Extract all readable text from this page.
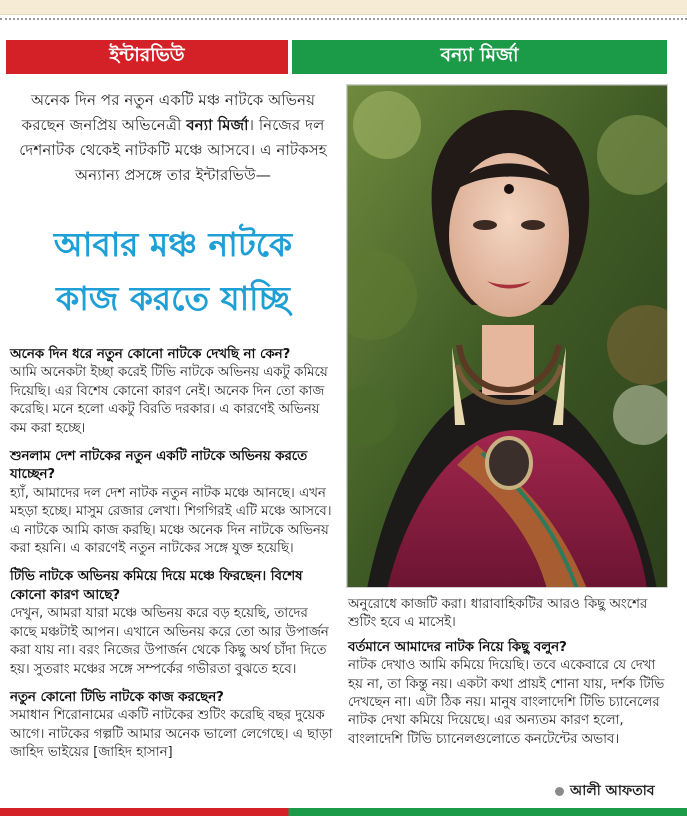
ইন্টারভিউ	বন্যা মির্জা
অনেক দিন পর নতুন একটি মঞ্চ নাটকে অভিনয় করছেন জনপ্রিয় অভিনেত্রী বন্যা মির্জা। নিজের দল দেশনাটক থেকেই নাটকটি মঞ্চে আসবে। এ নাটকসহ অন্যান্য প্রসঙ্গে তার ইন্টারভিউ—
আবার মঞ্চ নাটকে
কাজ করতে যাচ্ছি

অনেক দিন ধরে নতুন কোনো নাটকে দেখছি না কেন?

আমি অনেকটা ইচ্ছা করেই টিভি নাটকে অভিনয় একটু কমিয়ে দিয়েছি। এর বিশেষ কোনো কারণ নেই। অনেক দিন তো কাজ করেছি। মনে হলো একটু বিরতি দরকার। এ কারণেই অভিনয় কম করা হচ্ছে।

শুনলাম দেশ নাটকের নতুন একটি নাটকে অভিনয় করতে যাচ্ছেন?

হ্যাঁ, আমাদের দল দেশ নাটক নতুন নাটক মঞ্চে আনছে। এখন মহড়া হচ্ছে। মাসুম রেজার লেখা। শিগগিরই এটি মঞ্চে আসবে। এ নাটকে আমি কাজ করছি। মঞ্চে অনেক দিন নাটকে অভিনয় করা হয়নি। এ কারণেই নতুন নাটকের সঙ্গে যুক্ত হয়েছি।

টিভি নাটকে অভিনয় কমিয়ে দিয়ে মঞ্চে ফিরছেন। বিশেষ কোনো কারণ আছে?

দেখুন, আমরা যারা মঞ্চে অভিনয় করে বড় হয়েছি, তাদের কাছে মঞ্চটাই আপন। এখানে অভিনয় করে তো আর উপার্জন করা যায় না। বরং নিজের উপার্জন থেকে কিছু অর্থ চাঁদা দিতে হয়। সুতরাং মঞ্চের সঙ্গে সম্পর্কের গভীরতা বুঝতে হবে।

নতুন কোনো টিভি নাটকে কাজ করছেন?

সমাধান শিরোনামের একটি নাটকের শুটিং করেছি বছর দুয়েক আগে। নাটকের গল্পটি আমার অনেক ভালো লেগেছে। এ ছাড়া জাহিদ ভাইয়ের [জাহিদ হাসান]

অনুরোধে কাজটি করা। ধারাবাহিকটির আরও কিছু অংশের শুটিং হবে এ মাসেই।

বর্তমানে আমাদের নাটক নিয়ে কিছু বলুন?

নাটক দেখাও আমি কমিয়ে দিয়েছি। তবে একেবারে যে দেখা হয় না, তা কিন্তু নয়। একটা কথা প্রায়ই শোনা যায়, দর্শক টিভি দেখছেন না। এটা ঠিক নয়। মানুষ বাংলাদেশি টিভি চ্যানেলের নাটক দেখা কমিয়ে দিয়েছে। এর অন্যতম কারণ হলো, বাংলাদেশি টিভি চ্যানেলগুলোতে কনটেন্টের অভাব।

আলী আফতাব
